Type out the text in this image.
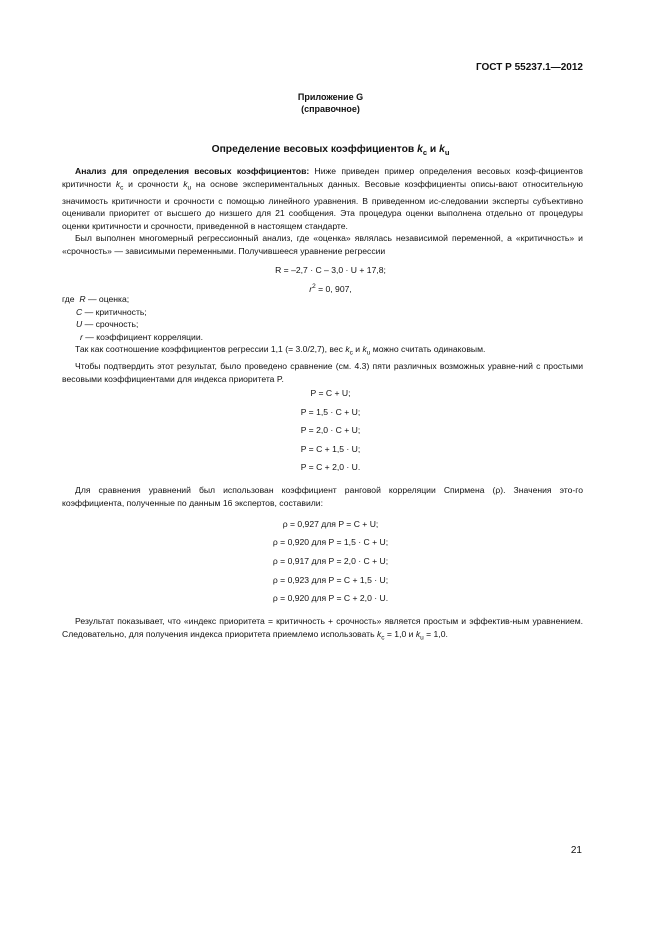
ГОСТ Р 55237.1—2012
Приложение G
(справочное)
Определение весовых коэффициентов $k_c$ и $k_u$

Анализ для определения весовых коэффициентов: Ниже приведен пример определения весовых коэф-фициентов критичности $k_c$ и срочности $k_u$ на основе экспериментальных данных. Весовые коэффициенты описы-вают относительную значимость критичности и срочности с помощью линейного уравнения. В приведенном ис-следовании эксперты субъективно оценивали приоритет от высшего до низшего для 21 сообщения. Эта процедура оценки выполнена отдельно от процедуры оценки критичности и срочности, приведенной в настоящем стандарте.

Был выполнен многомерный регрессионный анализ, где «оценка» являлась независимой переменной, а «критичность» и «срочность» — зависимыми переменными. Получившееся уравнение регрессии

R = –2,7 · C – 3,0 · U + 17,8;
$r^2 = 0$, 907,
где R — оценка;
C — критичность;
U — срочность;
r — коэффициент корреляции.

Так как соотношение коэффициентов регрессии 1,1 (= 3.0/2,7), вес $k_c$ и $k_u$ можно считать одинаковым.

Чтобы подтвердить этот результат, было проведено сравнение (см. 4.3) пяти различных возможных уравне-ний с простыми весовыми коэффициентами для индекса приоритета P.

P = C + U;
P = 1,5 · C + U;
P = 2,0 · C + U;
P = C + 1,5 · U;
P = C + 2,0 · U.

Для сравнения уравнений был использован коэффициент ранговой корреляции Спирмена (ρ). Значения это-го коэффициента, полученные по данным 16 экспертов, составили:

ρ = 0,927 для P = C + U;
ρ = 0,920 для P = 1,5 · C + U;
ρ = 0,917 для P = 2,0 · C + U;
ρ = 0,923 для P = C + 1,5 · U;
ρ = 0,920 для P = C + 2,0 · U.

Результат показывает, что «индекс приоритета = критичность + срочность» является простым и эффектив-ным уравнением. Следовательно, для получения индекса приоритета приемлемо использовать $k_c = 1,0$ и $k_u = 1,0$.

21
